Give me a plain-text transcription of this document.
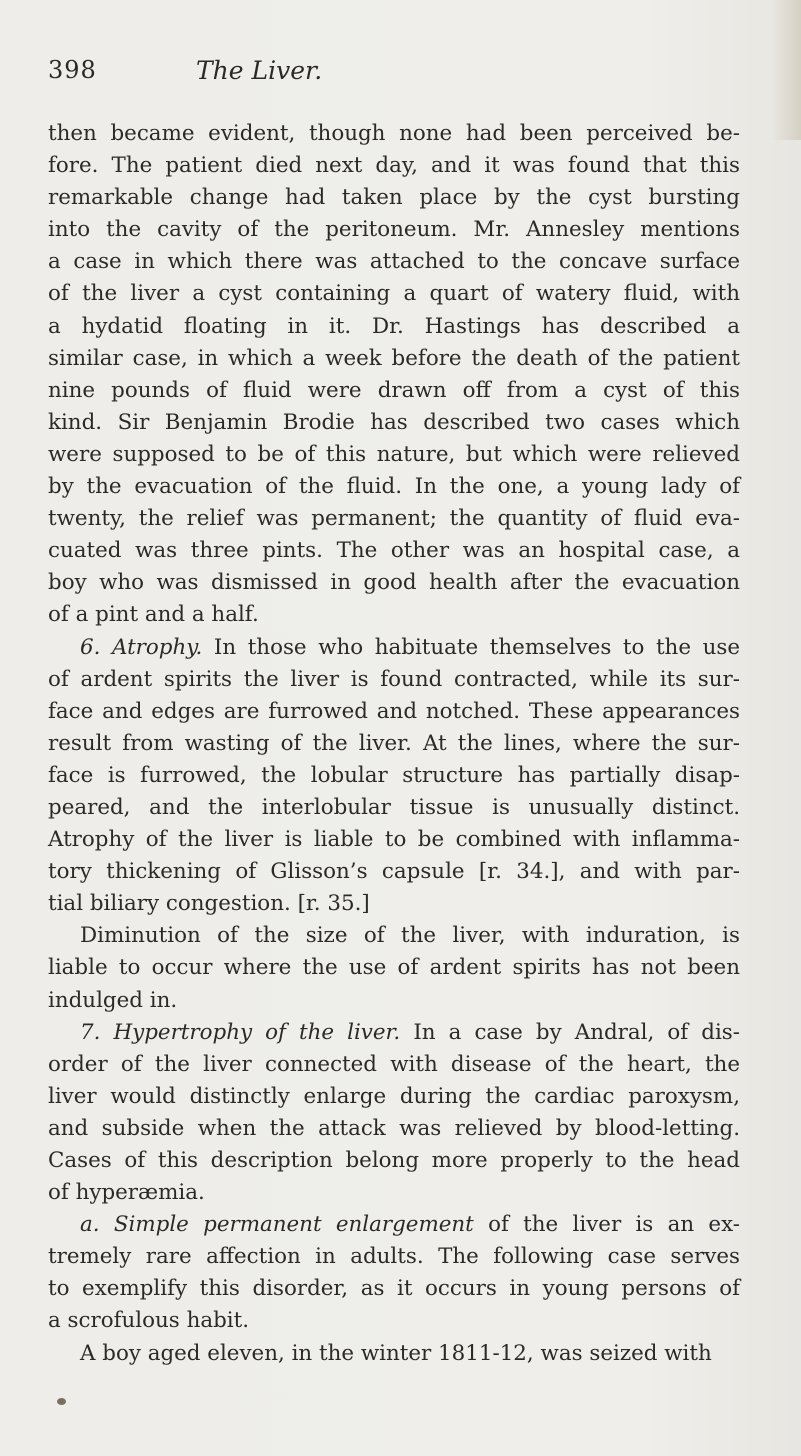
398	The Liver.

then became evident, though none had been perceived be-
fore. The patient died next day, and it was found that this
remarkable change had taken place by the cyst bursting
into the cavity of the peritoneum. Mr. Annesley mentions
a case in which there was attached to the concave surface
of the liver a cyst containing a quart of watery fluid, with
a hydatid floating in it. Dr. Hastings has described a
similar case, in which a week before the death of the patient
nine pounds of fluid were drawn off from a cyst of this
kind. Sir Benjamin Brodie has described two cases which
were supposed to be of this nature, but which were relieved
by the evacuation of the fluid. In the one, a young lady of
twenty, the relief was permanent; the quantity of fluid eva-
cuated was three pints. The other was an hospital case, a
boy who was dismissed in good health after the evacuation
of a pint and a half.

6. Atrophy. In those who habituate themselves to the use
of ardent spirits the liver is found contracted, while its sur-
face and edges are furrowed and notched. These appearances
result from wasting of the liver. At the lines, where the sur-
face is furrowed, the lobular structure has partially disap-
peared, and the interlobular tissue is unusually distinct.
Atrophy of the liver is liable to be combined with inflamma-
tory thickening of Glisson’s capsule [r. 34.], and with par-
tial biliary congestion. [r. 35.]

Diminution of the size of the liver, with induration, is
liable to occur where the use of ardent spirits has not been
indulged in.

7. Hypertrophy of the liver. In a case by Andral, of dis-
order of the liver connected with disease of the heart, the
liver would distinctly enlarge during the cardiac paroxysm,
and subside when the attack was relieved by blood-letting.
Cases of this description belong more properly to the head
of hyperæmia.

a. Simple permanent enlargement of the liver is an ex-
tremely rare affection in adults. The following case serves
to exemplify this disorder, as it occurs in young persons of
a scrofulous habit.

A boy aged eleven, in the winter 1811-12, was seized with
